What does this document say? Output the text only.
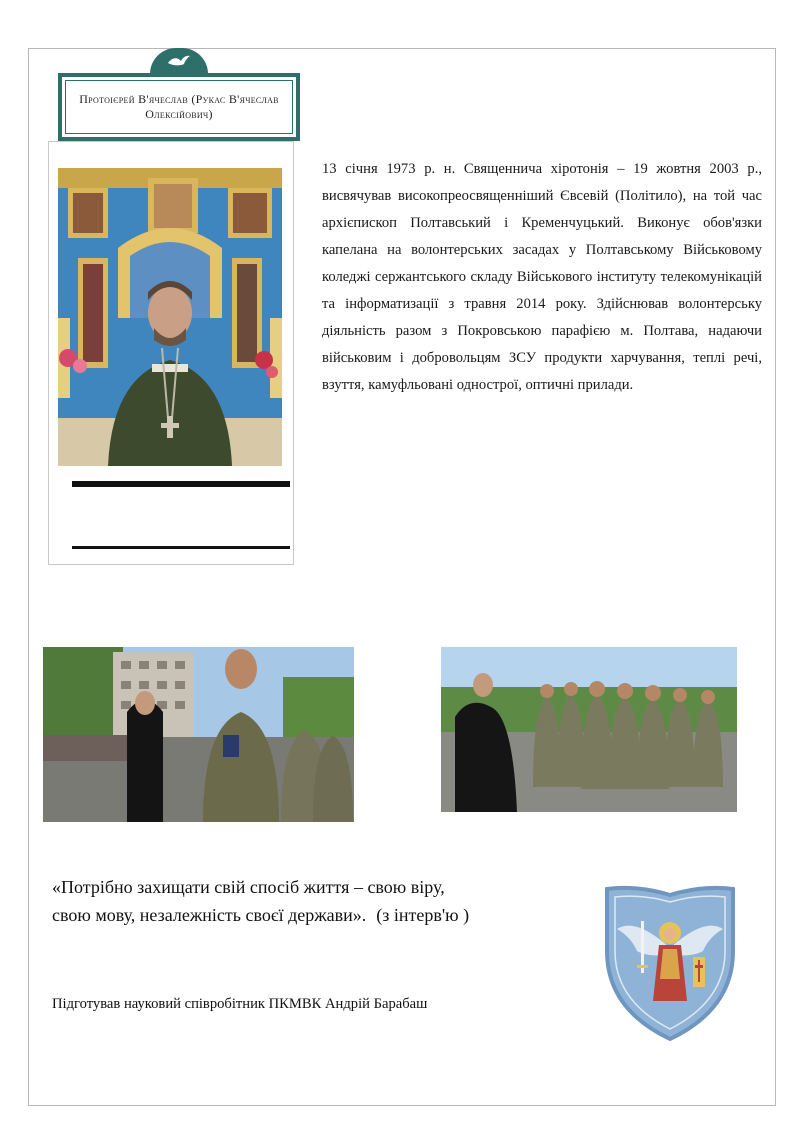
Протоієрей В'ячеслав (Рукас В'ячеслав Олексійович)
13 січня 1973 р. н. Священнича хіротонія – 19 жовтня 2003 р., висвячував високопреосвященніший Євсевій (Політило), на той час архієпископ Полтавський і Кременчуцький. Виконує обов'язки капелана на волонтерських засадах у Полтавському Військовому коледжі сержантського складу Військового інституту телекомунікацій та інформатизації з травня 2014 року. Здійснював волонтерську діяльність разом з Покровською парафією м. Полтава, надаючи військовим і добровольцям ЗСУ продукти харчування, теплі речі, взуття, камуфльовані однострої, оптичні прилади.
«Потрібно захищати свій спосіб життя – свою віру,
свою мову, незалежність своєї держави». (з інтерв'ю )
Підготував науковий співробітник ПКМВК Андрій Барабаш
